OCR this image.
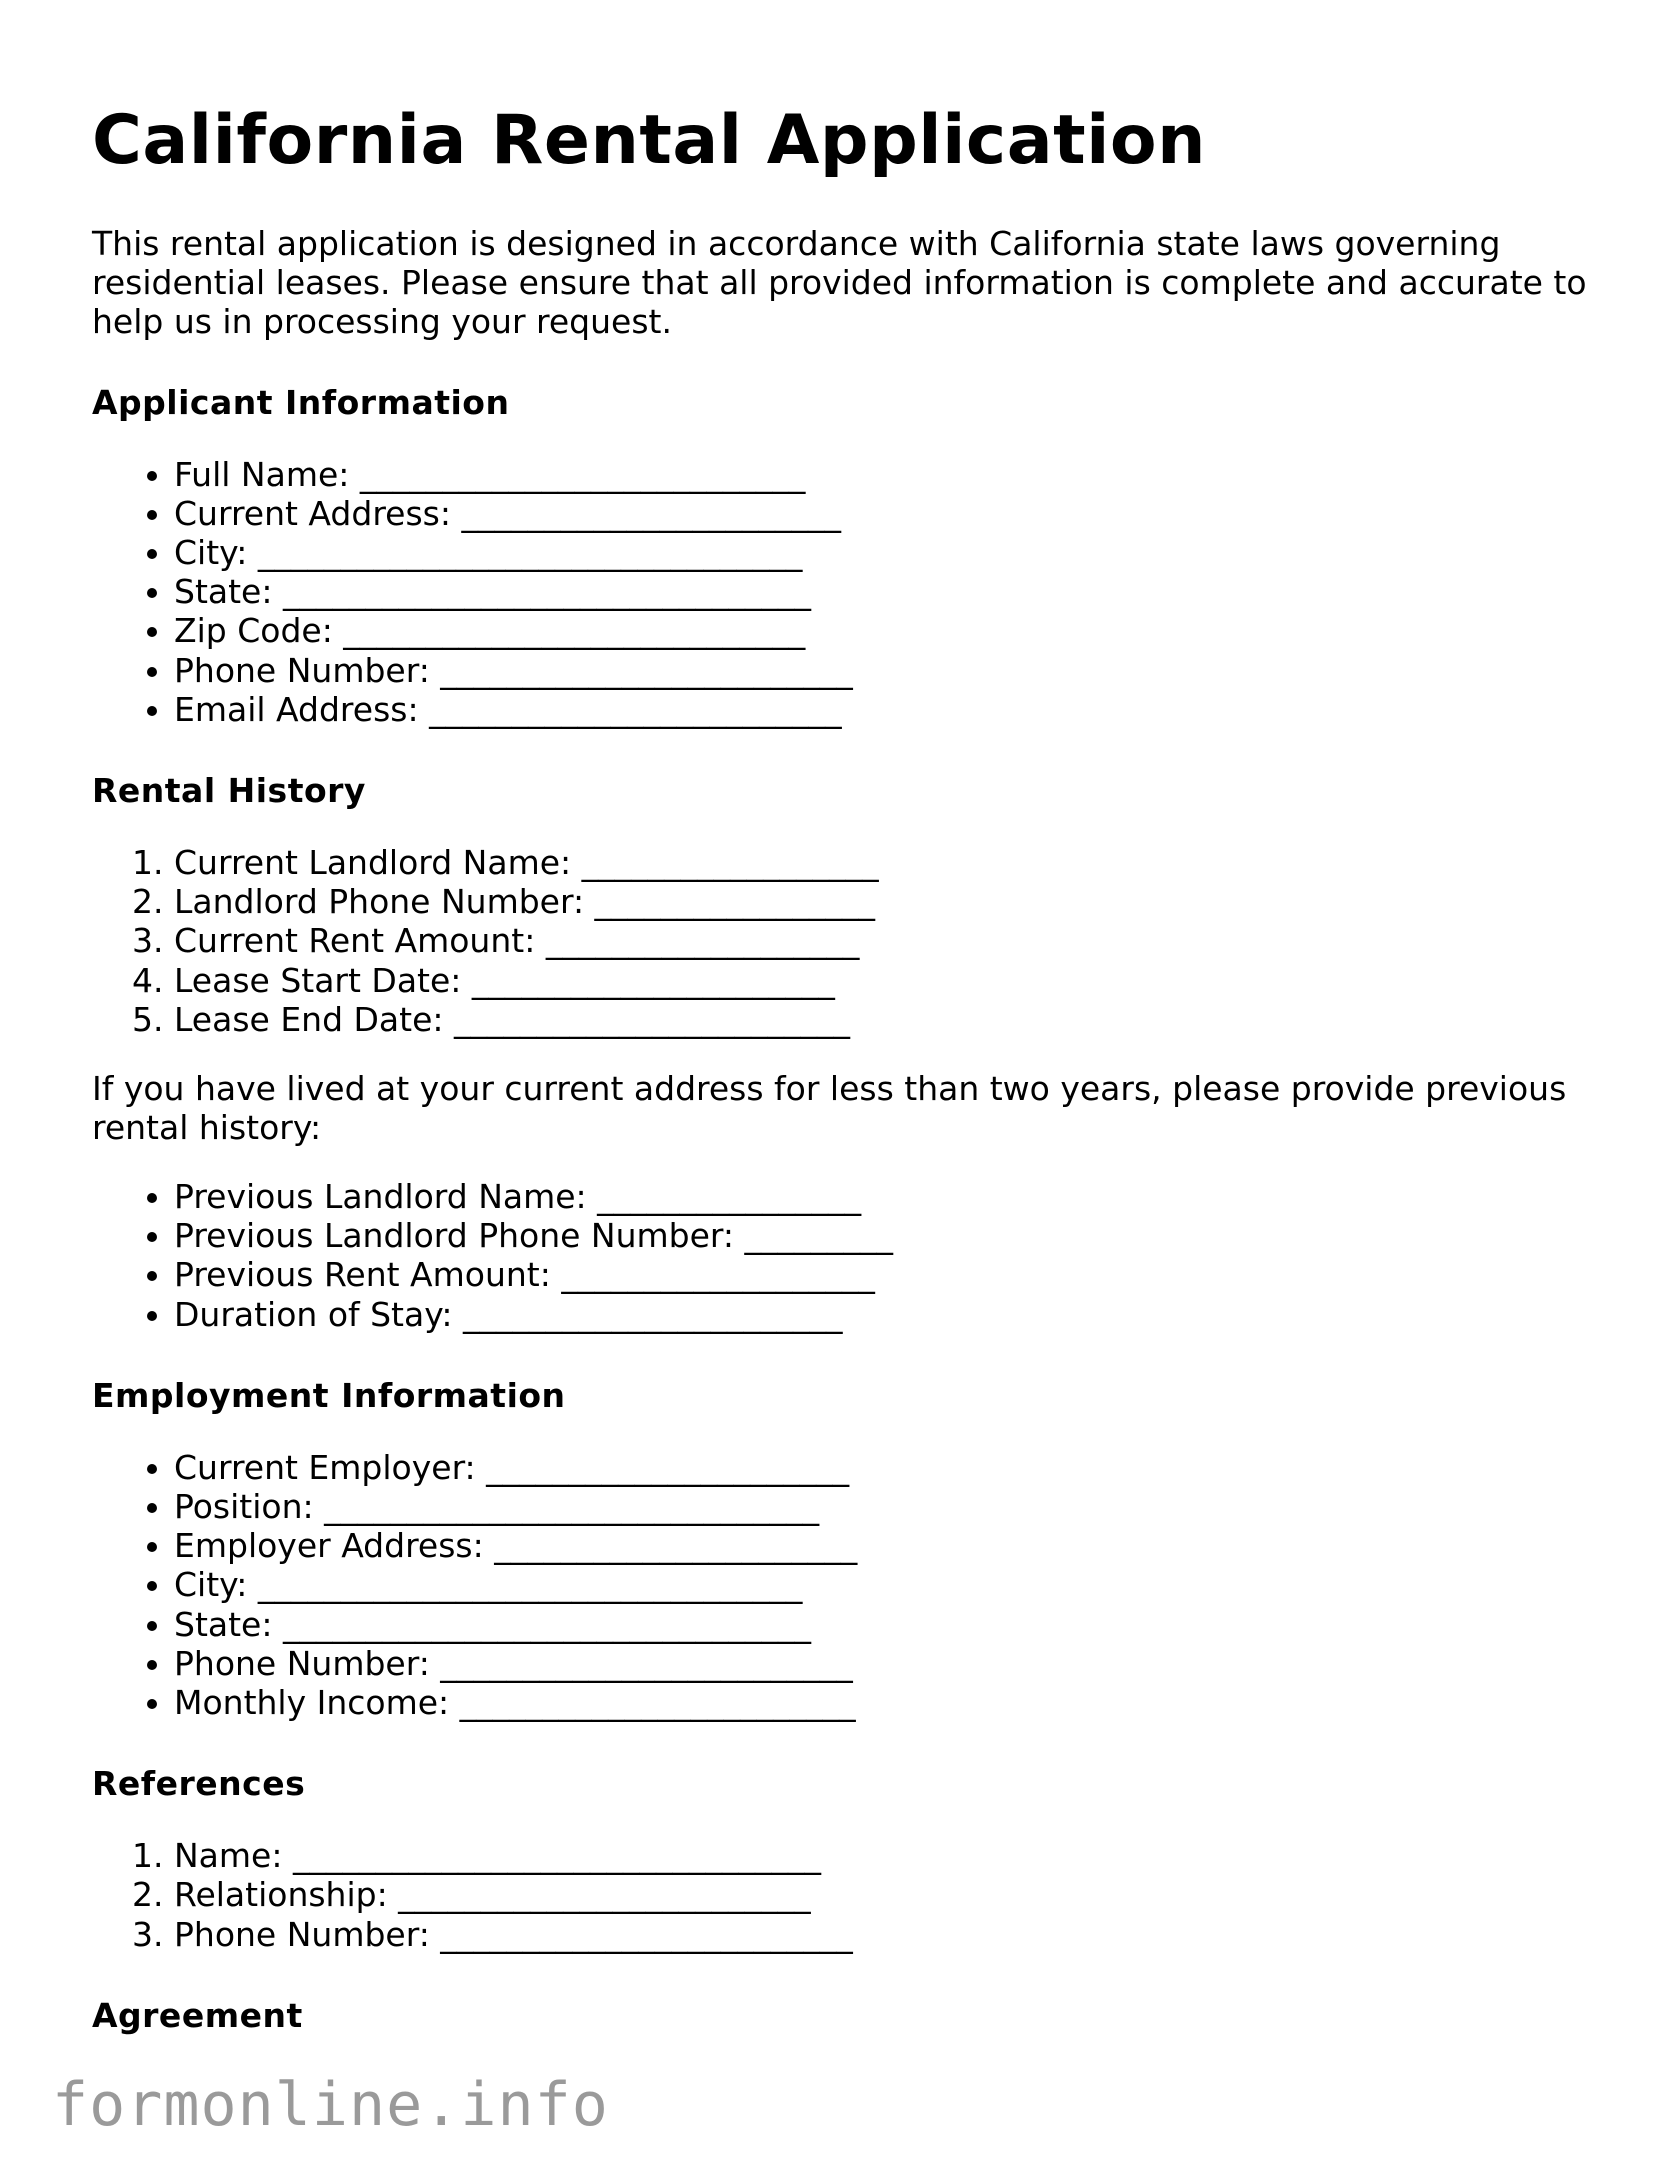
California Rental Application

This rental application is designed in accordance with California state laws governing residential leases. Please ensure that all provided information is complete and accurate to help us in processing your request.

Applicant Information
• Full Name: ___________________________
• Current Address: _______________________
• City: _________________________________
• State: ________________________________
• Zip Code: ____________________________
• Phone Number: _________________________
• Email Address: _________________________
Rental History
1. Current Landlord Name: __________________
2. Landlord Phone Number: _________________
3. Current Rent Amount: ___________________
4. Lease Start Date: ______________________
5. Lease End Date: ________________________

If you have lived at your current address for less than two years, please provide previous rental history:

• Previous Landlord Name: ________________
• Previous Landlord Phone Number: _________
• Previous Rent Amount: ___________________
• Duration of Stay: _______________________
Employment Information
• Current Employer: ______________________
• Position: ______________________________
• Employer Address: ______________________
• City: _________________________________
• State: ________________________________
• Phone Number: _________________________
• Monthly Income: ________________________
References
1. Name: ________________________________
2. Relationship: _________________________
3. Phone Number: _________________________
Agreement
formonline.info
